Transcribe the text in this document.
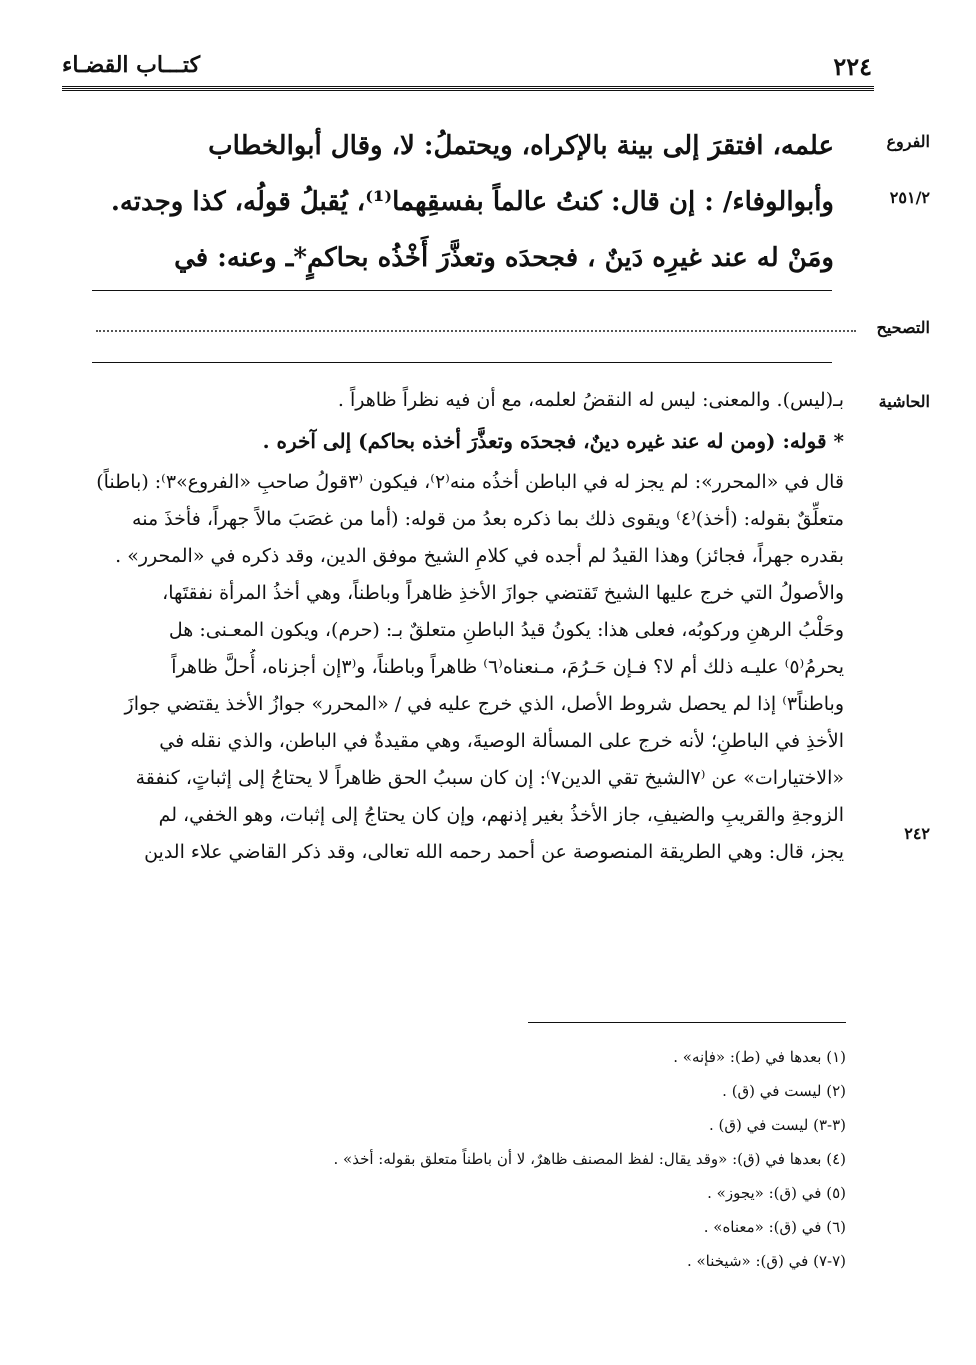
كتـــاب القضـاء	٢٢٤
الفروع
٢٥١/٢
التصحيح
الحاشية
٢٤٢
علمه، افتقرَ إلى بينة بالإكراه، ويحتملُ: لا، وقال أبوالخطاب
وأبوالوفاء/ : إن قال: كنتُ عالماً بفسقِهما⁽¹⁾، يُقبلُ قولُه، كذا وجدته.
ومَنْ له عند غيرِه دَينٌ ، فجحدَه وتعذَّرَ أَخْذُه بحاكمٍ*ـ وعنه: في
بـ(ليس). والمعنى: ليس له النقضُ لعلمه، مع أن فيه نظراً ظاهراً .
* قوله: (ومن له عند غيره دينٌ، فجحدَه وتعذَّرَ أخذه بحاكم) إلى آخره .
قال في «المحرر»: لم يجز له في الباطن أخذُه منه⁽٢⁾، فيكون ⁽٣قولُ صاحبِ «الفروع»٣⁾: (باطناً)
متعلِّقٌ بقوله: (أخذ)⁽٤⁾ ويقوى ذلك بما ذكره بعدُ من قوله: (أما من غصَبَ مالاً جهراً، فأخذَ منه
بقدره جهراً، فجائز) وهذا القيدُ لم أجده في كلامِ الشيخ موفق الدين، وقد ذكره في «المحرر» .
والأصولُ التي خرج عليها الشيخ تَقتضي جوازَ الأخذِ ظاهراً وباطناً، وهي أخذُ المرأة نفقتَها،
وحَلْبُ الرهنِ وركوبُه، فعلى هذا: يكونُ قيدُ الباطنِ متعلقٌ بـ: (حرم)، ويكون المعـنى: هل
يحرمُ⁽٥⁾ عليـه ذلك أم لا؟ فـإن حَـرُمَ، مـنعناه⁽٦⁾ ظاهراً وباطناً، و⁽٣إن أجزناه، أُحلَّ ظاهراً
وباطناً٣⁾ إذا لم يحصل شروط الأصل، الذي خرج عليه في / «المحرر» جوازُ الأخذ يقتضي جوازَ
الأخذِ في الباطنِ؛ لأنه خرج على المسألة الوصيةَ، وهي مقيدةٌ في الباطن، والذي نقله في
«الاختيارات» عن ⁽٧الشيخ تقي الدين٧⁾: إن كان سببُ الحق ظاهراً لا يحتاجُ إلى إثباتٍ، كنفقة
الزوجةِ والقريبِ والضيفِ، جاز الأخذُ بغير إذنهم، وإن كان يحتاجُ إلى إثبات، وهو الخفي، لم
يجز، قال: وهي الطريقة المنصوصة عن أحمد رحمه الله تعالى، وقد ذكر القاضي علاء الدين
(١) بعدها في (ط): «فإنه» .
(٢) ليست في (ق) .
(٣-٣) ليست في (ق) .
(٤) بعدها في (ق): «وقد يقال: لفظ المصنف ظاهرٌ، لا أن باطناً متعلق بقوله: أخذ» .
(٥) في (ق): «يجوز» .
(٦) في (ق): «معناه» .
(٧-٧) في (ق): «شيخنا» .
